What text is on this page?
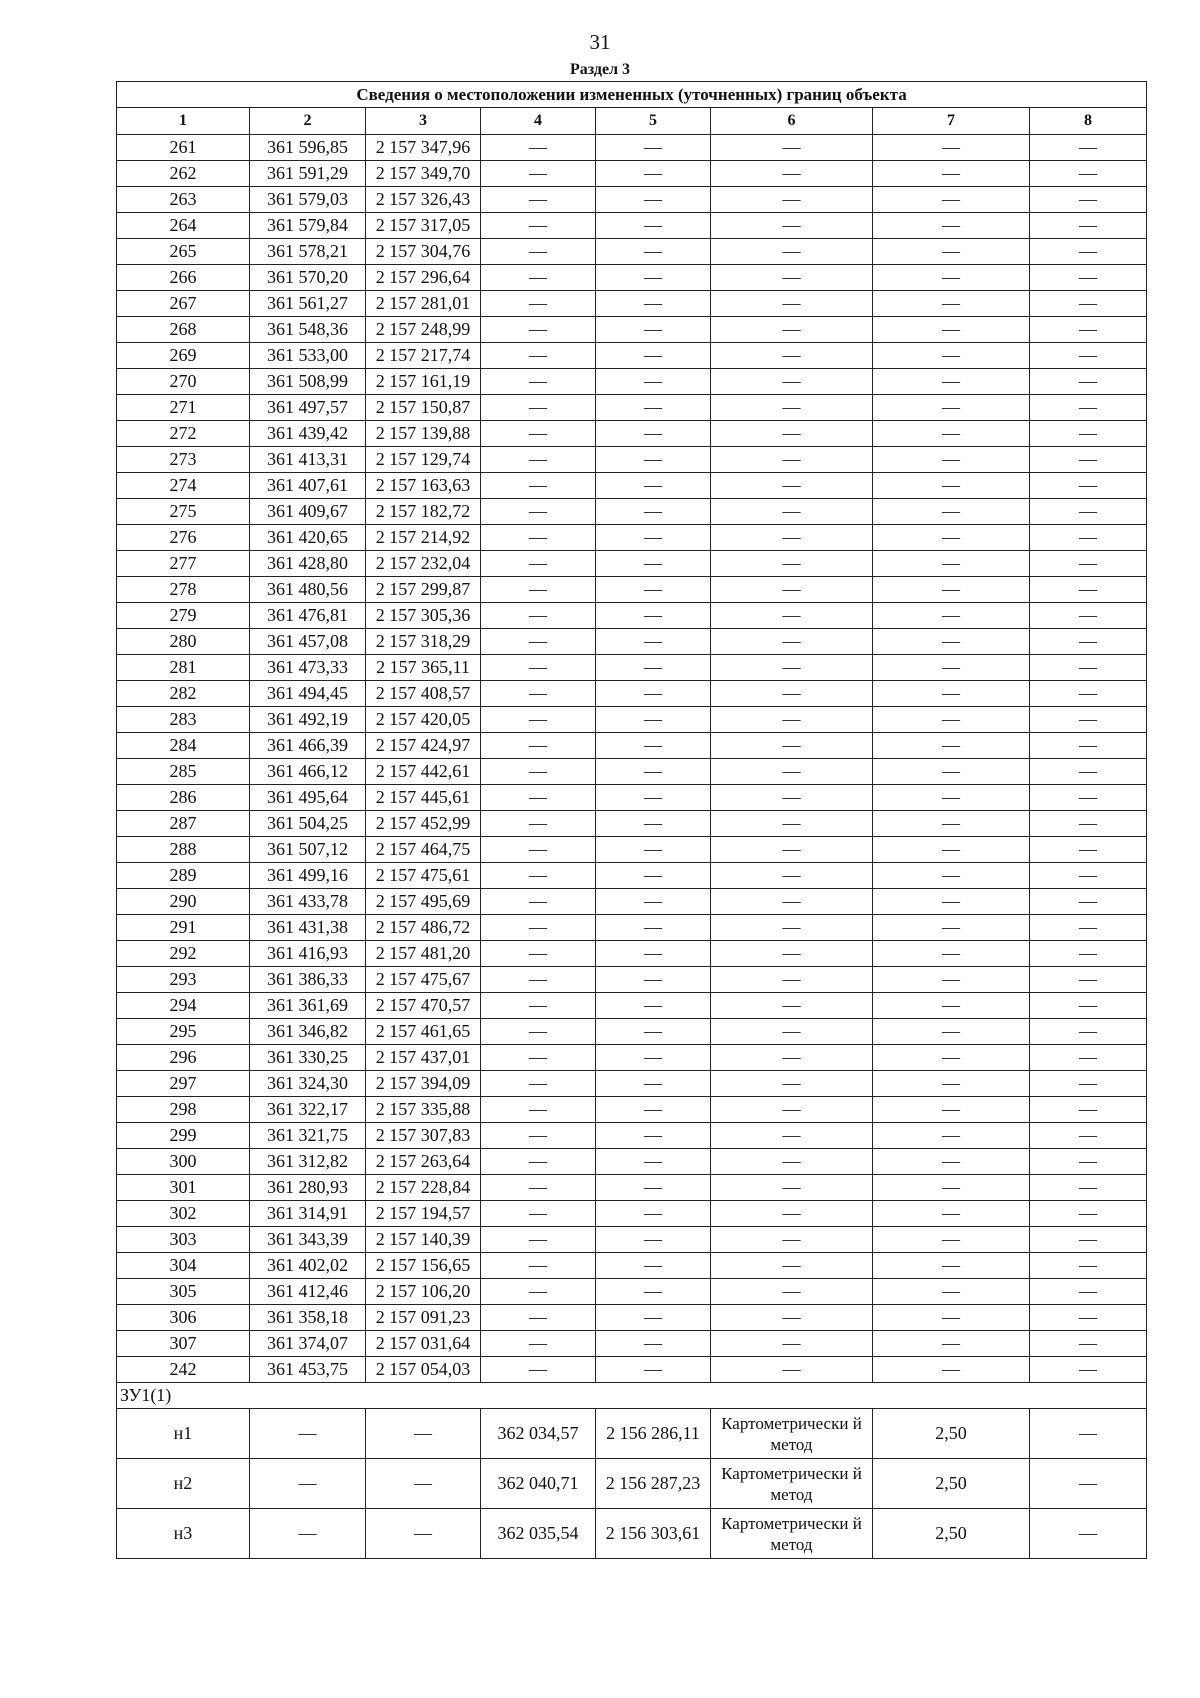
31
Раздел 3
Сведения о местоположении измененных (уточненных) границ объекта							
1	2	3	4	5	6	7	8
261	361 596,85	2 157 347,96	—	—	—	—	—
262	361 591,29	2 157 349,70	—	—	—	—	—
263	361 579,03	2 157 326,43	—	—	—	—	—
264	361 579,84	2 157 317,05	—	—	—	—	—
265	361 578,21	2 157 304,76	—	—	—	—	—
266	361 570,20	2 157 296,64	—	—	—	—	—
267	361 561,27	2 157 281,01	—	—	—	—	—
268	361 548,36	2 157 248,99	—	—	—	—	—
269	361 533,00	2 157 217,74	—	—	—	—	—
270	361 508,99	2 157 161,19	—	—	—	—	—
271	361 497,57	2 157 150,87	—	—	—	—	—
272	361 439,42	2 157 139,88	—	—	—	—	—
273	361 413,31	2 157 129,74	—	—	—	—	—
274	361 407,61	2 157 163,63	—	—	—	—	—
275	361 409,67	2 157 182,72	—	—	—	—	—
276	361 420,65	2 157 214,92	—	—	—	—	—
277	361 428,80	2 157 232,04	—	—	—	—	—
278	361 480,56	2 157 299,87	—	—	—	—	—
279	361 476,81	2 157 305,36	—	—	—	—	—
280	361 457,08	2 157 318,29	—	—	—	—	—
281	361 473,33	2 157 365,11	—	—	—	—	—
282	361 494,45	2 157 408,57	—	—	—	—	—
283	361 492,19	2 157 420,05	—	—	—	—	—
284	361 466,39	2 157 424,97	—	—	—	—	—
285	361 466,12	2 157 442,61	—	—	—	—	—
286	361 495,64	2 157 445,61	—	—	—	—	—
287	361 504,25	2 157 452,99	—	—	—	—	—
288	361 507,12	2 157 464,75	—	—	—	—	—
289	361 499,16	2 157 475,61	—	—	—	—	—
290	361 433,78	2 157 495,69	—	—	—	—	—
291	361 431,38	2 157 486,72	—	—	—	—	—
292	361 416,93	2 157 481,20	—	—	—	—	—
293	361 386,33	2 157 475,67	—	—	—	—	—
294	361 361,69	2 157 470,57	—	—	—	—	—
295	361 346,82	2 157 461,65	—	—	—	—	—
296	361 330,25	2 157 437,01	—	—	—	—	—
297	361 324,30	2 157 394,09	—	—	—	—	—
298	361 322,17	2 157 335,88	—	—	—	—	—
299	361 321,75	2 157 307,83	—	—	—	—	—
300	361 312,82	2 157 263,64	—	—	—	—	—
301	361 280,93	2 157 228,84	—	—	—	—	—
302	361 314,91	2 157 194,57	—	—	—	—	—
303	361 343,39	2 157 140,39	—	—	—	—	—
304	361 402,02	2 157 156,65	—	—	—	—	—
305	361 412,46	2 157 106,20	—	—	—	—	—
306	361 358,18	2 157 091,23	—	—	—	—	—
307	361 374,07	2 157 031,64	—	—	—	—	—
242	361 453,75	2 157 054,03	—	—	—	—	—
ЗУ1(1)							
н1	—	—	362 034,57	2 156 286,11	Картометрически й метод	2,50	—
н2	—	—	362 040,71	2 156 287,23	Картометрически й метод	2,50	—
н3	—	—	362 035,54	2 156 303,61	Картометрически й метод	2,50	—
